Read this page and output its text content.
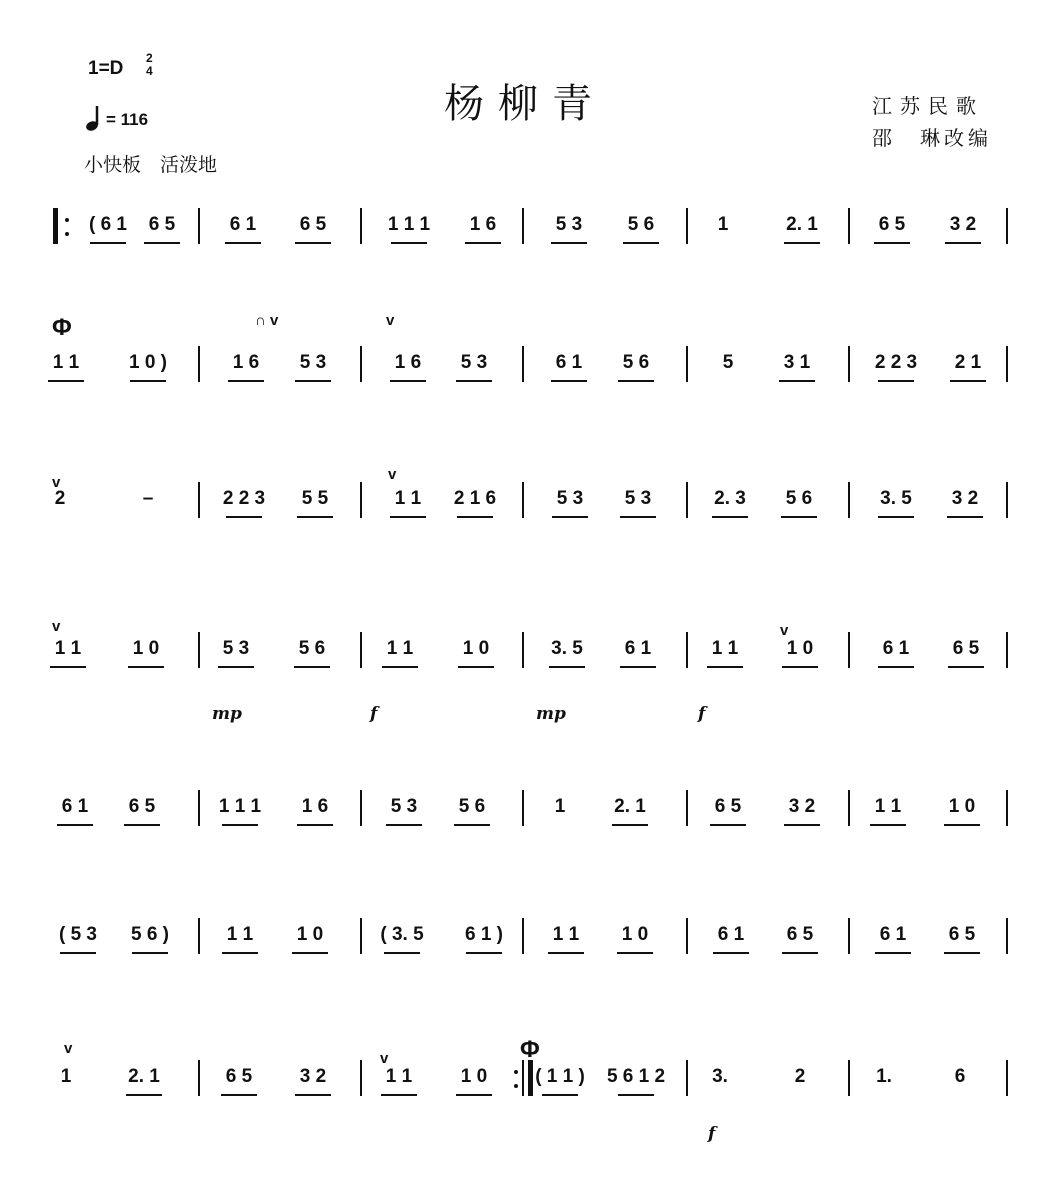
1=D 2
4
= 116
小快板　活泼地
杨柳青	江苏民歌
邵　琳改编
( 6 1	6 5	6 1	6 5	1 1 1	1 6	5 3	5 6	1	2. 1	6 5	3 2
1 1	1 0 )	1 6	5 3	1 6	5 3	6 1	5 6	5	3 1	2 2 3	2 1
2	–	2 2 3	5 5	1 1	2 1 6	5 3	5 3	2. 3	5 6	3. 5	3 2
1 1	1 0	5 3	5 6	1 1	1 0	3. 5	6 1	1 1	1 0	6 1	6 5
6 1	6 5	1 1 1	1 6	5 3	5 6	1	2. 1	6 5	3 2	1 1	1 0
( 5 3	5 6 )	1 1	1 0	( 3. 5	6 1 )	1 1	1 0	6 1	6 5	6 1	6 5
1	2. 1	6 5	3 2	1 1	1 0	( 1 1 )	5 6 1 2	3.	2	1.	6
Φ
Φ
mp	f	mp	f
f
∩ v	v
v	v
v	v
v
v
